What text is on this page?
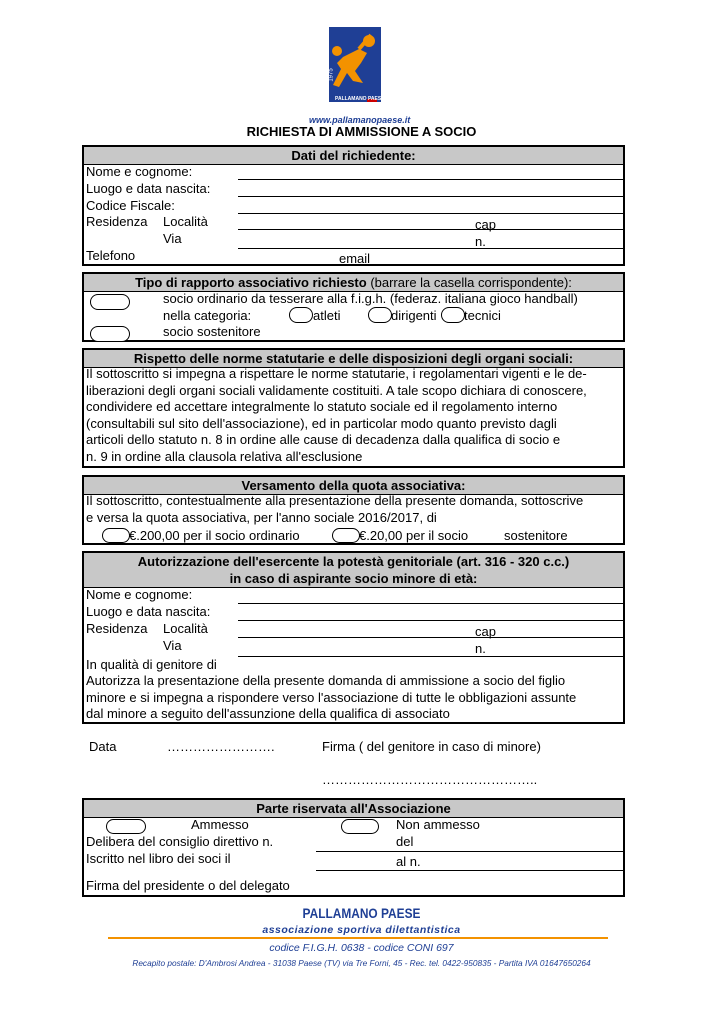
1975
PALLAMANO PAESE
www.pallamanopaese.it
RICHIESTA DI AMMISSIONE A SOCIO
Dati del richiedente:
Nome e cognome:
Luogo e data nascita:
Codice Fiscale:
Residenza Località	cap
Via	n.
Telefono	email
Tipo di rapporto associativo richiesto (barrare la casella corrispondente):
socio ordinario da tesserare alla f.i.g.h. (federaz. italiana gioco handball)
nella categoria:	atleti	dirigenti tecnici
socio sostenitore
Rispetto delle norme statutarie e delle disposizioni degli organi sociali:
Il sottoscritto si impegna a rispettare le norme statutarie, i regolamentari vigenti e le de-
liberazioni degli organi sociali validamente costituiti. A tale scopo dichiara di conoscere,
condividere ed accettare integralmente lo statuto sociale ed il regolamento interno
(consultabili sul sito dell'associazione), ed in particolar modo quanto previsto dagli
articoli dello statuto n. 8 in ordine alle cause di decadenza dalla qualifica di socio e
n. 9 in ordine alla clausola relativa all'esclusione
Versamento della quota associativa:
Il sottoscritto, contestualmente alla presentazione della presente domanda, sottoscrive
e versa la quota associativa, per l'anno sociale 2016/2017, di
€.200,00 per il socio ordinario	€.20,00 per il socio	sostenitore
Autorizzazione dell'esercente la potestà genitoriale (art. 316 - 320 c.c.)
in caso di aspirante socio minore di età:
Nome e cognome:
Luogo e data nascita:
Residenza Località	cap
Via	n.
In qualità di genitore di
Autorizza la presentazione della presente domanda di ammissione a socio del figlio
minore e si impegna a rispondere verso l'associazione di tutte le obbligazioni assunte
dal minore a seguito dell'assunzione della qualifica di associato
Data	…………………….	Firma ( del genitore in caso di minore)
…………………………………………..
Parte riservata all'Associazione
Ammesso	Non ammesso
Delibera del consiglio direttivo n.	del
Iscritto nel libro dei soci il	al n.
Firma del presidente o del delegato
PALLAMANO PAESE
associazione sportiva dilettantistica
codice F.I.G.H. 0638 - codice CONI 697
Recapito postale: D'Ambrosi Andrea - 31038 Paese (TV) via Tre Forni, 45 - Rec. tel. 0422-950835 - Partita IVA 01647650264
